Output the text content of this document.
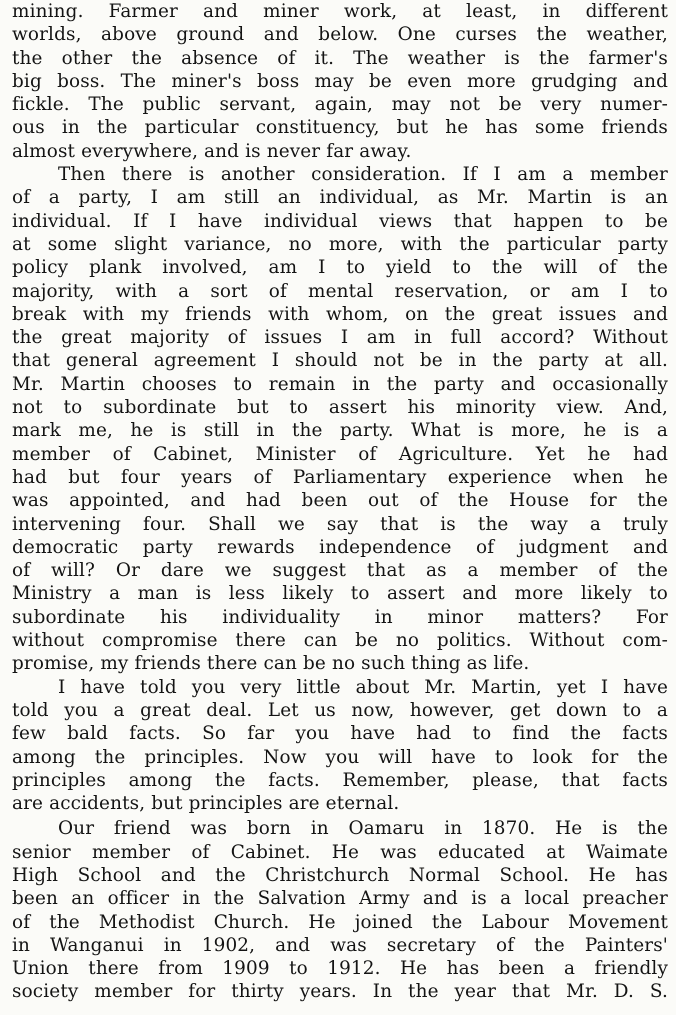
mining. Farmer and miner work, at least, in different
worlds, above ground and below. One curses the weather,
the other the absence of it. The weather is the farmer's
big boss. The miner's boss may be even more grudging and
fickle. The public servant, again, may not be very numer-
ous in the particular constituency, but he has some friends
almost everywhere, and is never far away.
Then there is another consideration. If I am a member
of a party, I am still an individual, as Mr. Martin is an
individual. If I have individual views that happen to be
at some slight variance, no more, with the particular party
policy plank involved, am I to yield to the will of the
majority, with a sort of mental reservation, or am I to
break with my friends with whom, on the great issues and
the great majority of issues I am in full accord? Without
that general agreement I should not be in the party at all.
Mr. Martin chooses to remain in the party and occasionally
not to subordinate but to assert his minority view. And,
mark me, he is still in the party. What is more, he is a
member of Cabinet, Minister of Agriculture. Yet he had
had but four years of Parliamentary experience when he
was appointed, and had been out of the House for the
intervening four. Shall we say that is the way a truly
democratic party rewards independence of judgment and
of will? Or dare we suggest that as a member of the
Ministry a man is less likely to assert and more likely to
subordinate his individuality in minor matters? For
without compromise there can be no politics. Without com-
promise, my friends there can be no such thing as life.
I have told you very little about Mr. Martin, yet I have
told you a great deal. Let us now, however, get down to a
few bald facts. So far you have had to find the facts
among the principles. Now you will have to look for the
principles among the facts. Remember, please, that facts
are accidents, but principles are eternal.
Our friend was born in Oamaru in 1870. He is the
senior member of Cabinet. He was educated at Waimate
High School and the Christchurch Normal School. He has
been an officer in the Salvation Army and is a local preacher
of the Methodist Church. He joined the Labour Movement
in Wanganui in 1902, and was secretary of the Painters'
Union there from 1909 to 1912. He has been a friendly
society member for thirty years. In the year that Mr. D. S.
